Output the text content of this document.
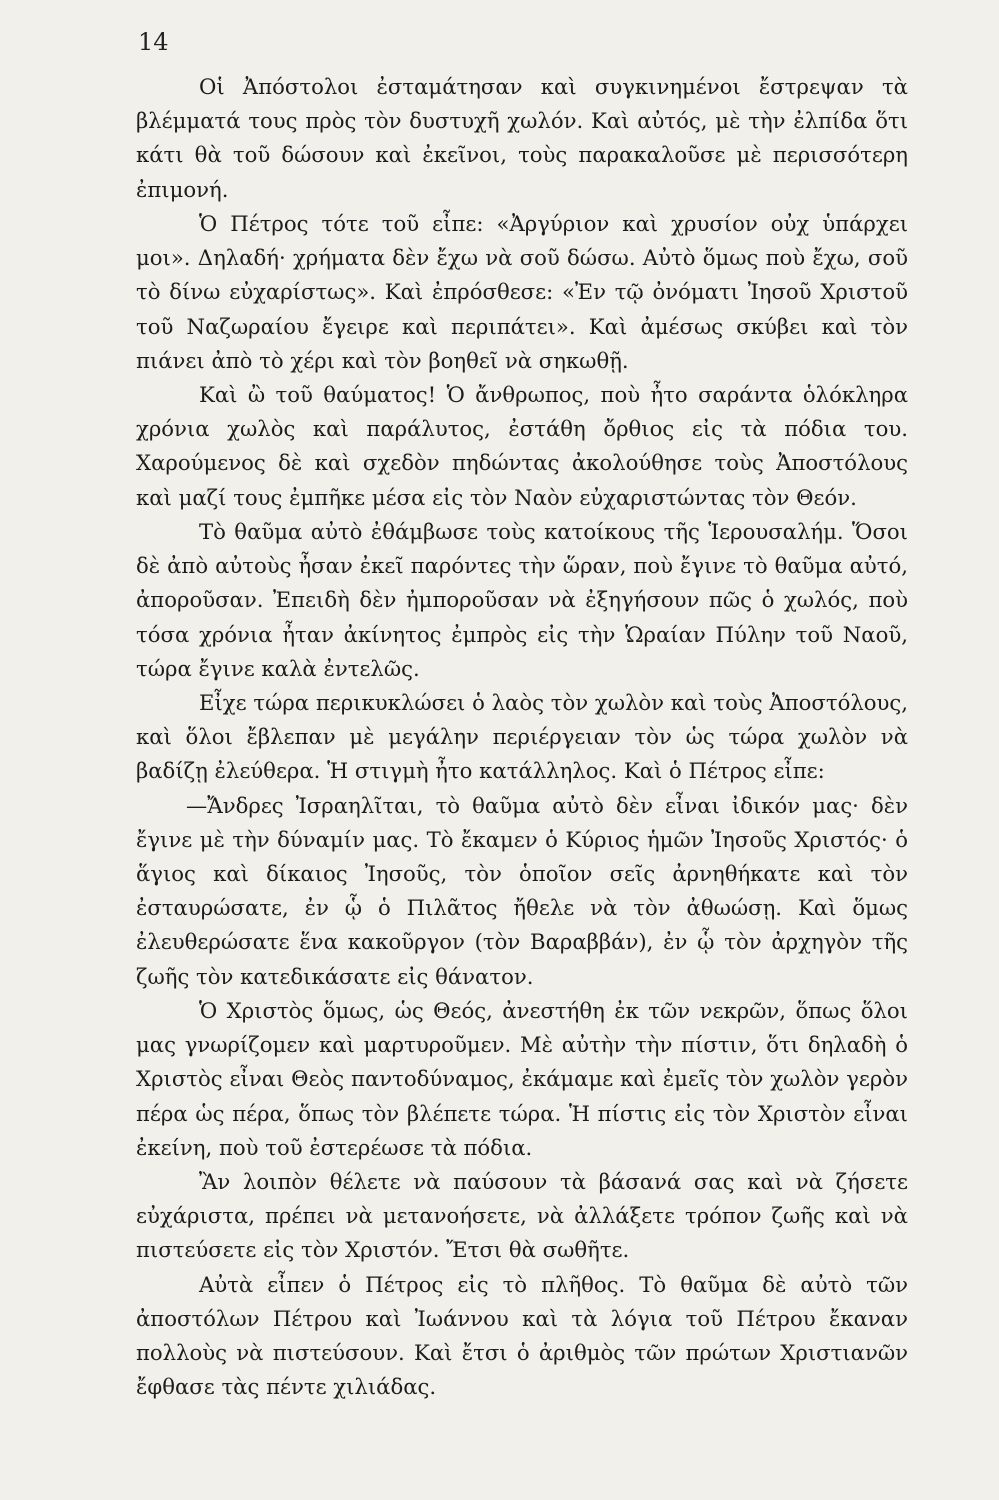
14

Οἱ Ἀπόστολοι ἐσταμάτησαν καὶ συγκινημένοι ἔστρεψαν τὰ βλέμματά τους πρὸς τὸν δυστυχῆ χωλόν. Καὶ αὐτός, μὲ τὴν ἐλπίδα ὅτι κάτι θὰ τοῦ δώσουν καὶ ἐκεῖνοι, τοὺς παρακαλοῦσε μὲ περισσότερη ἐπιμονή.

Ὁ Πέτρος τότε τοῦ εἶπε: «Ἀργύριον καὶ χρυσίον οὐχ ὑπάρχει μοι». Δηλαδή· χρήματα δὲν ἔχω νὰ σοῦ δώσω. Αὐτὸ ὅμως ποὺ ἔχω, σοῦ τὸ δίνω εὐχαρίστως». Καὶ ἐπρόσθεσε: «Ἐν τῷ ὀνόματι Ἰησοῦ Χριστοῦ τοῦ Ναζωραίου ἔγειρε καὶ περιπάτει». Καὶ ἀμέσως σκύβει καὶ τὸν πιάνει ἀπὸ τὸ χέρι καὶ τὸν βοηθεῖ νὰ σηκωθῇ.

Καὶ ὢ τοῦ θαύματος! Ὁ ἄνθρωπος, ποὺ ἦτο σαράντα ὁλόκληρα χρόνια χωλὸς καὶ παράλυτος, ἐστάθη ὄρθιος εἰς τὰ πόδια του. Χαρούμενος δὲ καὶ σχεδὸν πηδώντας ἀκολούθησε τοὺς Ἀποστόλους καὶ μαζί τους ἐμπῆκε μέσα εἰς τὸν Ναὸν εὐχαριστώντας τὸν Θεόν.

Τὸ θαῦμα αὐτὸ ἐθάμβωσε τοὺς κατοίκους τῆς Ἱερουσαλήμ. Ὅσοι δὲ ἀπὸ αὐτοὺς ἦσαν ἐκεῖ παρόντες τὴν ὥραν, ποὺ ἔγινε τὸ θαῦμα αὐτό, ἀποροῦσαν. Ἐπειδὴ δὲν ἠμποροῦσαν νὰ ἐξηγήσουν πῶς ὁ χωλός, ποὺ τόσα χρόνια ἦταν ἀκίνητος ἐμπρὸς εἰς τὴν Ὡραίαν Πύλην τοῦ Ναοῦ, τώρα ἔγινε καλὰ ἐντελῶς.

Εἶχε τώρα περικυκλώσει ὁ λαὸς τὸν χωλὸν καὶ τοὺς Ἀποστόλους, καὶ ὅλοι ἔβλεπαν μὲ μεγάλην περιέργειαν τὸν ὡς τώρα χωλὸν νὰ βαδίζῃ ἐλεύθερα. Ἡ στιγμὴ ἦτο κατάλληλος. Καὶ ὁ Πέτρος εἶπε:

—Ἄνδρες Ἰσραηλῖται, τὸ θαῦμα αὐτὸ δὲν εἶναι ἰδικόν μας· δὲν ἔγινε μὲ τὴν δύναμίν μας. Τὸ ἔκαμεν ὁ Κύριος ἡμῶν Ἰησοῦς Χριστός· ὁ ἅγιος καὶ δίκαιος Ἰησοῦς, τὸν ὁποῖον σεῖς ἀρνηθήκατε καὶ τὸν ἐσταυρώσατε, ἐν ᾧ ὁ Πιλᾶτος ἤθελε νὰ τὸν ἀθωώσῃ. Καὶ ὅμως ἐλευθερώσατε ἕνα κακοῦργον (τὸν Βαραββάν), ἐν ᾧ τὸν ἀρχηγὸν τῆς ζωῆς τὸν κατεδικάσατε εἰς θάνατον.

Ὁ Χριστὸς ὅμως, ὡς Θεός, ἀνεστήθη ἐκ τῶν νεκρῶν, ὅπως ὅλοι μας γνωρίζομεν καὶ μαρτυροῦμεν. Μὲ αὐτὴν τὴν πίστιν, ὅτι δηλαδὴ ὁ Χριστὸς εἶναι Θεὸς παντοδύναμος, ἐκάμαμε καὶ ἐμεῖς τὸν χωλὸν γερὸν πέρα ὡς πέρα, ὅπως τὸν βλέπετε τώρα. Ἡ πίστις εἰς τὸν Χριστὸν εἶναι ἐκείνη, ποὺ τοῦ ἐστερέωσε τὰ πόδια.

Ἂν λοιπὸν θέλετε νὰ παύσουν τὰ βάσανά σας καὶ νὰ ζήσετε εὐχάριστα, πρέπει νὰ μετανοήσετε, νὰ ἀλλάξετε τρόπον ζωῆς καὶ νὰ πιστεύσετε εἰς τὸν Χριστόν. Ἔτσι θὰ σωθῆτε.

Αὐτὰ εἶπεν ὁ Πέτρος εἰς τὸ πλῆθος. Τὸ θαῦμα δὲ αὐτὸ τῶν ἀποστόλων Πέτρου καὶ Ἰωάννου καὶ τὰ λόγια τοῦ Πέτρου ἔκαναν πολλοὺς νὰ πιστεύσουν. Καὶ ἔτσι ὁ ἀριθμὸς τῶν πρώτων Χριστιανῶν ἔφθασε τὰς πέντε χιλιάδας.
